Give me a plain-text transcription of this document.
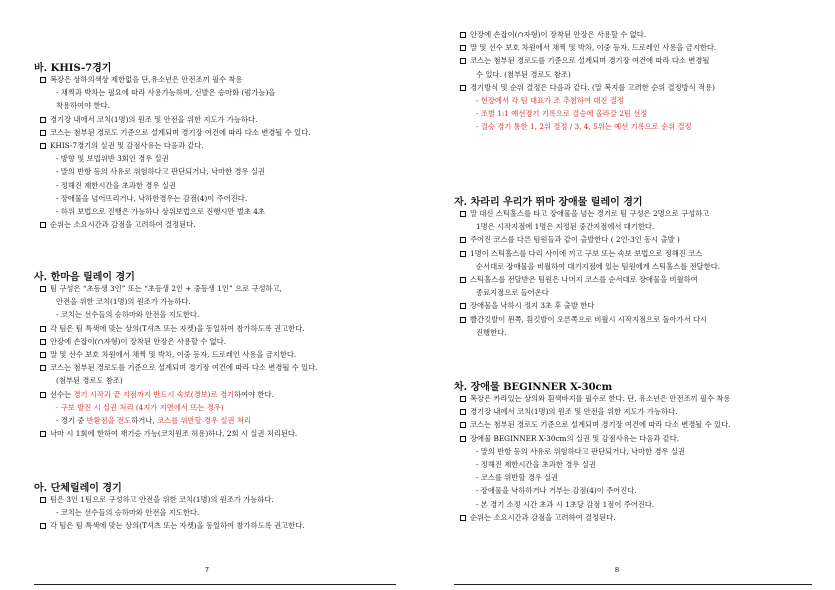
바. KHIS-7경기
복장은 상하의색상 제한없음 단,유소년은 안전조끼 필수 착용
- 채찍과 박차는 필요에 따라 사용가능하며, 신발은 승마화 (펌가능)을
착용하여야 한다.
경기장 내에서 코치(1명)의 원조 및 안전을 위한 지도가 가능하다.
코스는 첨부된 경로도 기준으로 설계되며 경기장 여건에 따라 다소 변경될 수 있다.
KHIS-7경기의 실권 및 감점사유는 다음과 같다.
- 방향 및 보법위반 3회인 경우 실권
- 말의 반항 등의 사유로 위험하다고 판단되거나, 낙마한 경우 실권
- 정해진 제한시간을 초과한 경우 실권
- 장애물을 넘어뜨리거나, 낙하한경우는 감점(4)이 주어진다.
- 하위 보법으로 진행은 가능하나 상위보법으로 진행시만 벌초 4초
순위는 소요시간과 감점을 고려하여 결정된다.
사. 한마음 릴레이 경기
팀 구성은 “초등생 3인” 또는 “초등생 2인 + 중등생 1인” 으로 구성하고,
안전을 위한 코치(1명)의 원조가 가능하다.
- 코치는 선수들의 승하마와 안전을 지도한다.
각 팀은 팀 특색에 맞는 상의(T셔츠 또는 자켓)을 동일하여 참가하도록 권고한다.
안장에 손잡이(∩자형)이 장착된 안장은 사용할 수 없다.
말 및 선수 보호 차원에서 채찍 및 박차, 이중 등자, 드로레인 사용을 금지한다.
코스는 첨부된 경로도를 기준으로 설계되며 경기장 여건에 따라 다소 변경될 수 있다.
(첨부된 경로도 참조)
선수는 경기 시작과 끝 지점까지 반드시 속보(경보)로 경기하여야 한다.
- 구보 발진 시 실권 처리 (4지가 지면에서 뜨는 경우)
- 경기 중 반환점을 전도하거나, 코스를 위반할 경우 실권 처리
낙마 시 1회에 한하여 재기승 가능(코치원조 허용)하나, 2회 시 실권 처리된다.
아. 단체릴레이 경기
팀은 3인 1팀으로 구성하고 안전을 위한 코치(1명)의 원조가 가능하다.
- 코치는 선수들의 승하마와 안전을 지도한다.
각 팀은 팀 특색에 맞는 상의(T셔츠 또는 자켓)을 동일하여 참가하도록 권고한다.
7
안장에 손잡이(∩자형)이 장착된 안장은 사용할 수 없다.
말 및 선수 보호 차원에서 채찍 및 박차, 이중 등자, 드로레인 사용을 금지한다.
코스는 첨부된 경로도를 기준으로 설계되며 경기장 여건에 따라 다소 변경될
수 있다. (첨부된 경로도 참조)
경기방식 및 순위 결정은 다음과 같다. (말 복지를 고려한 순위 결정방식 적용)
- 현장에서 각 팀 대표가 조 추첨하여 대진 결정
- 조별 1:1 예선경기 기록으로 결승에 올라갈 2팀 선정
- 결승 경기 통한 1, 2위 결정 / 3, 4, 5위는 예선 기록으로 순위 결정
자. 차라리 우리가 뛰마 장애물 릴레이 경기
말 대신 스틱홀스를 타고 장애물을 넘는 경기로 팀 구성은 2명으로 구성하고
1명은 시작지점에 1명은 지정된 중간지점에서 대기한다.
주어진 코스를 다른 팀원들과 같이 출발한다 ( 2인-3인 동시 출발 )
1명이 스틱홀스를 다리 사이에 끼고 구보 또는 속보 보법으로 정해진 코스
순서대로 장애물을 비월하여 대기지점에 있는 팀원에게 스틱홀스를 전달한다.
스틱홀스를 전달받은 팀원은 나머지 코스를 순서대로 장애물을 비월하여
종료지점으로 들어온다
장애물을 낙하시 정지 3초 후 출발 한다
빨간깃발이 왼쪽, 흰깃발이 오른쪽으로 비월시 시작지점으로 돌아가서 다시
진행한다.
차. 장애물 BEGINNER X-30cm
복장은 카라있는 상의와 흰색바지를 필수로 한다. 단, 유소년은 안전조끼 필수 착용
경기장 내에서 코치(1명)의 원조 및 안전을 위한 지도가 가능하다.
코스는 첨부된 경로도 기준으로 설계되며 경기장 여건에 따라 다소 변경될 수 있다.
장애물 BEGINNER X-30cm의 실권 및 감점사유는 다음과 같다.
- 말의 반항 등의 사유로 위험하다고 판단되거나, 낙마한 경우 실권
- 정해진 제한시간을 초과한 경우 실권
- 코스를 위반할 경우 실권
- 장애물을 낙하하거나 거부는 감점(4)이 주어진다.
- 본 경기 소정 시간 초과 시 1초당 감점 1점이 주어진다.
순위는 소요시간과 감점을 고려하여 결정된다.
8
